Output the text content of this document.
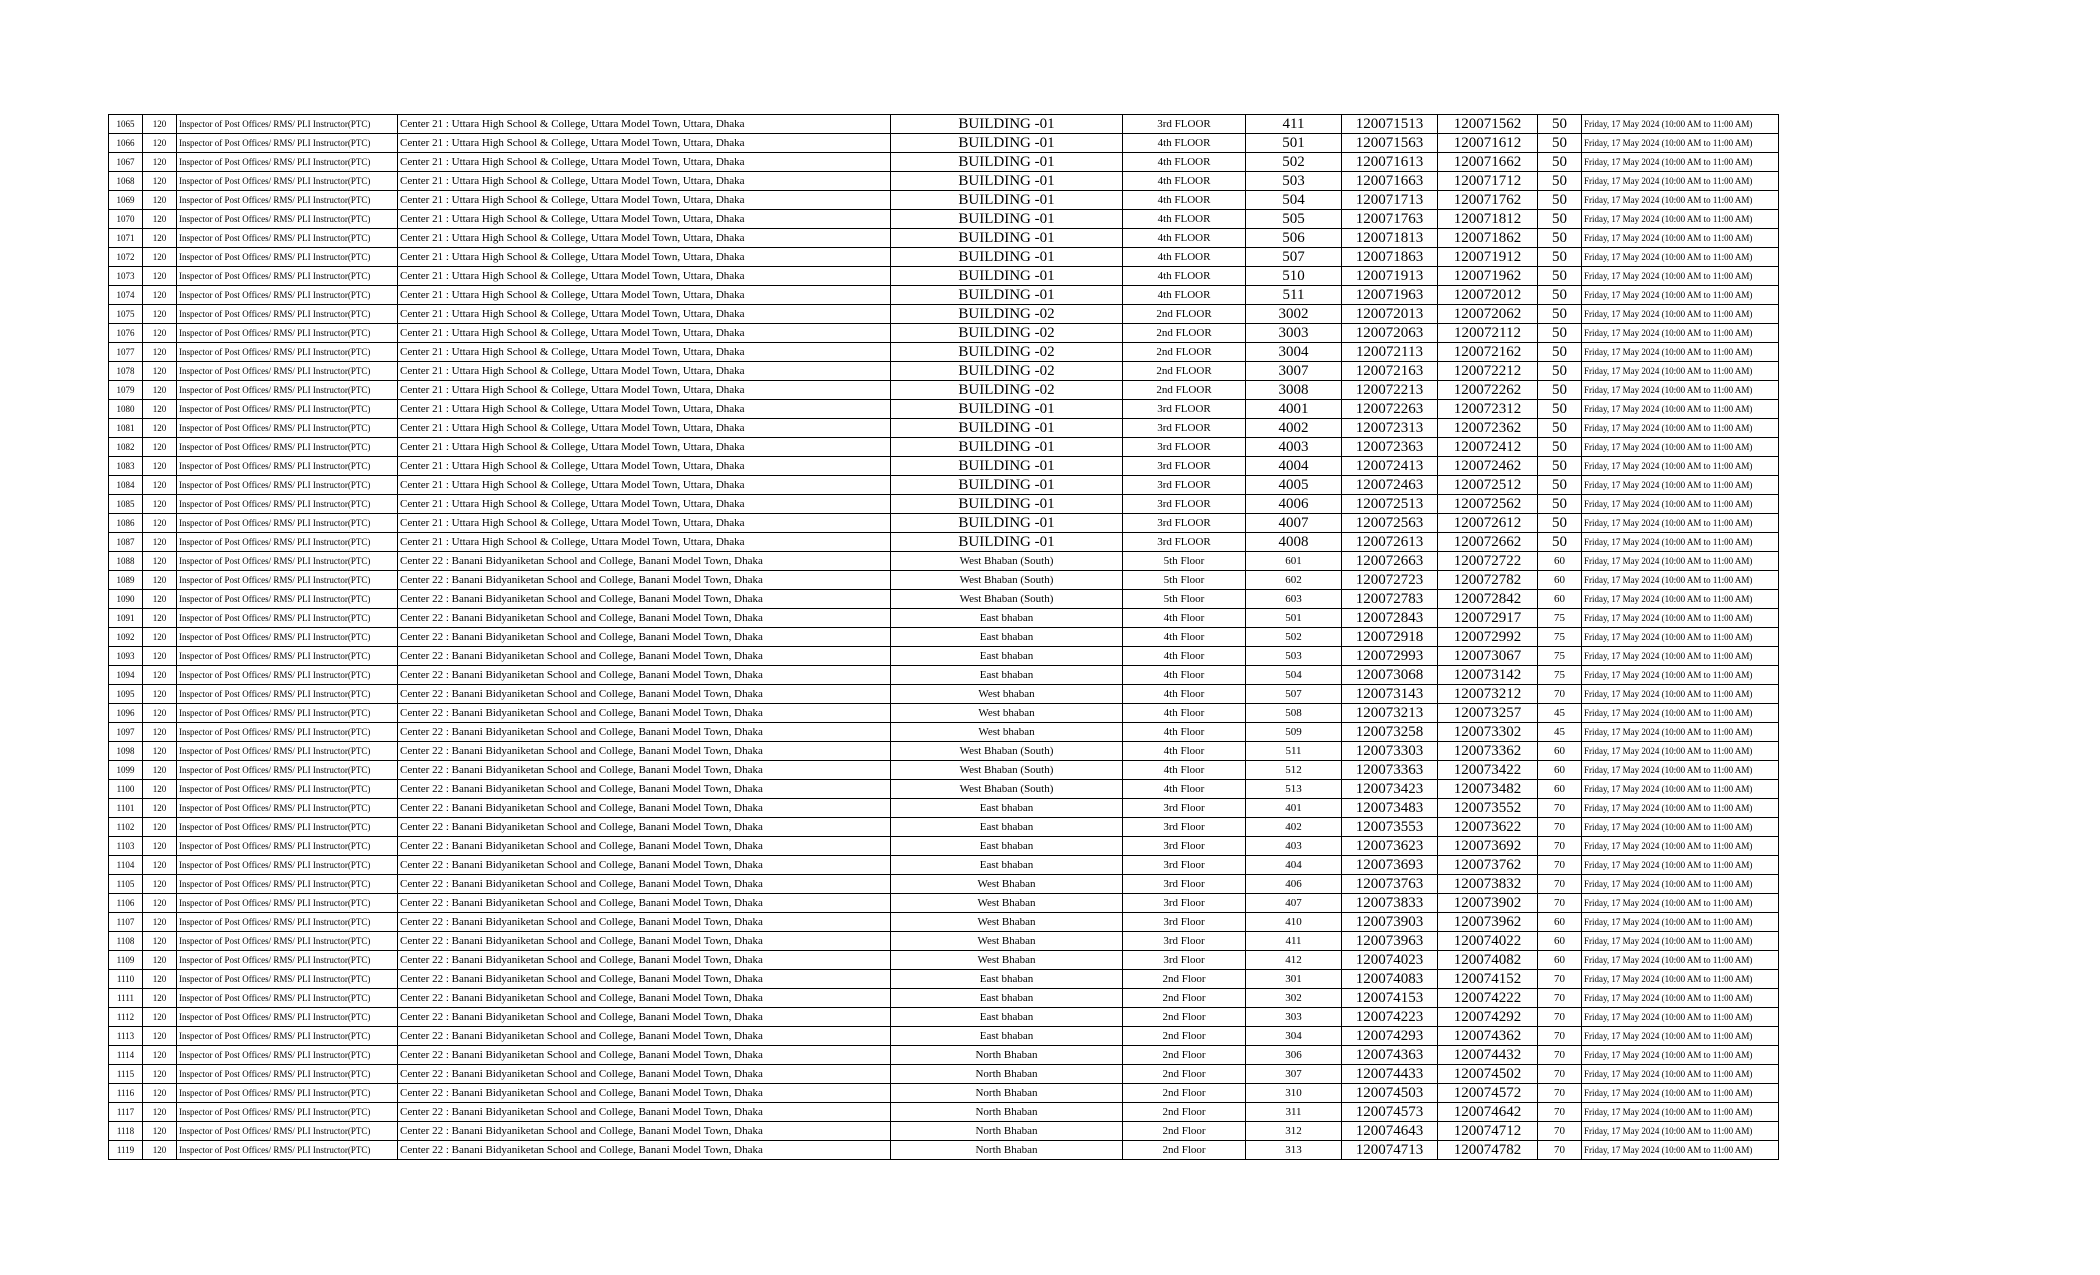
1065	120	Inspector of Post Offices/ RMS/ PLI Instructor(PTC)	Center 21 : Uttara High School & College, Uttara Model Town, Uttara, Dhaka	BUILDING -01	3rd FLOOR	411	120071513	120071562	50	Friday, 17 May 2024 (10:00 AM to 11:00 AM)
1066	120	Inspector of Post Offices/ RMS/ PLI Instructor(PTC)	Center 21 : Uttara High School & College, Uttara Model Town, Uttara, Dhaka	BUILDING -01	4th FLOOR	501	120071563	120071612	50	Friday, 17 May 2024 (10:00 AM to 11:00 AM)
1067	120	Inspector of Post Offices/ RMS/ PLI Instructor(PTC)	Center 21 : Uttara High School & College, Uttara Model Town, Uttara, Dhaka	BUILDING -01	4th FLOOR	502	120071613	120071662	50	Friday, 17 May 2024 (10:00 AM to 11:00 AM)
1068	120	Inspector of Post Offices/ RMS/ PLI Instructor(PTC)	Center 21 : Uttara High School & College, Uttara Model Town, Uttara, Dhaka	BUILDING -01	4th FLOOR	503	120071663	120071712	50	Friday, 17 May 2024 (10:00 AM to 11:00 AM)
1069	120	Inspector of Post Offices/ RMS/ PLI Instructor(PTC)	Center 21 : Uttara High School & College, Uttara Model Town, Uttara, Dhaka	BUILDING -01	4th FLOOR	504	120071713	120071762	50	Friday, 17 May 2024 (10:00 AM to 11:00 AM)
1070	120	Inspector of Post Offices/ RMS/ PLI Instructor(PTC)	Center 21 : Uttara High School & College, Uttara Model Town, Uttara, Dhaka	BUILDING -01	4th FLOOR	505	120071763	120071812	50	Friday, 17 May 2024 (10:00 AM to 11:00 AM)
1071	120	Inspector of Post Offices/ RMS/ PLI Instructor(PTC)	Center 21 : Uttara High School & College, Uttara Model Town, Uttara, Dhaka	BUILDING -01	4th FLOOR	506	120071813	120071862	50	Friday, 17 May 2024 (10:00 AM to 11:00 AM)
1072	120	Inspector of Post Offices/ RMS/ PLI Instructor(PTC)	Center 21 : Uttara High School & College, Uttara Model Town, Uttara, Dhaka	BUILDING -01	4th FLOOR	507	120071863	120071912	50	Friday, 17 May 2024 (10:00 AM to 11:00 AM)
1073	120	Inspector of Post Offices/ RMS/ PLI Instructor(PTC)	Center 21 : Uttara High School & College, Uttara Model Town, Uttara, Dhaka	BUILDING -01	4th FLOOR	510	120071913	120071962	50	Friday, 17 May 2024 (10:00 AM to 11:00 AM)
1074	120	Inspector of Post Offices/ RMS/ PLI Instructor(PTC)	Center 21 : Uttara High School & College, Uttara Model Town, Uttara, Dhaka	BUILDING -01	4th FLOOR	511	120071963	120072012	50	Friday, 17 May 2024 (10:00 AM to 11:00 AM)
1075	120	Inspector of Post Offices/ RMS/ PLI Instructor(PTC)	Center 21 : Uttara High School & College, Uttara Model Town, Uttara, Dhaka	BUILDING -02	2nd FLOOR	3002	120072013	120072062	50	Friday, 17 May 2024 (10:00 AM to 11:00 AM)
1076	120	Inspector of Post Offices/ RMS/ PLI Instructor(PTC)	Center 21 : Uttara High School & College, Uttara Model Town, Uttara, Dhaka	BUILDING -02	2nd FLOOR	3003	120072063	120072112	50	Friday, 17 May 2024 (10:00 AM to 11:00 AM)
1077	120	Inspector of Post Offices/ RMS/ PLI Instructor(PTC)	Center 21 : Uttara High School & College, Uttara Model Town, Uttara, Dhaka	BUILDING -02	2nd FLOOR	3004	120072113	120072162	50	Friday, 17 May 2024 (10:00 AM to 11:00 AM)
1078	120	Inspector of Post Offices/ RMS/ PLI Instructor(PTC)	Center 21 : Uttara High School & College, Uttara Model Town, Uttara, Dhaka	BUILDING -02	2nd FLOOR	3007	120072163	120072212	50	Friday, 17 May 2024 (10:00 AM to 11:00 AM)
1079	120	Inspector of Post Offices/ RMS/ PLI Instructor(PTC)	Center 21 : Uttara High School & College, Uttara Model Town, Uttara, Dhaka	BUILDING -02	2nd FLOOR	3008	120072213	120072262	50	Friday, 17 May 2024 (10:00 AM to 11:00 AM)
1080	120	Inspector of Post Offices/ RMS/ PLI Instructor(PTC)	Center 21 : Uttara High School & College, Uttara Model Town, Uttara, Dhaka	BUILDING -01	3rd FLOOR	4001	120072263	120072312	50	Friday, 17 May 2024 (10:00 AM to 11:00 AM)
1081	120	Inspector of Post Offices/ RMS/ PLI Instructor(PTC)	Center 21 : Uttara High School & College, Uttara Model Town, Uttara, Dhaka	BUILDING -01	3rd FLOOR	4002	120072313	120072362	50	Friday, 17 May 2024 (10:00 AM to 11:00 AM)
1082	120	Inspector of Post Offices/ RMS/ PLI Instructor(PTC)	Center 21 : Uttara High School & College, Uttara Model Town, Uttara, Dhaka	BUILDING -01	3rd FLOOR	4003	120072363	120072412	50	Friday, 17 May 2024 (10:00 AM to 11:00 AM)
1083	120	Inspector of Post Offices/ RMS/ PLI Instructor(PTC)	Center 21 : Uttara High School & College, Uttara Model Town, Uttara, Dhaka	BUILDING -01	3rd FLOOR	4004	120072413	120072462	50	Friday, 17 May 2024 (10:00 AM to 11:00 AM)
1084	120	Inspector of Post Offices/ RMS/ PLI Instructor(PTC)	Center 21 : Uttara High School & College, Uttara Model Town, Uttara, Dhaka	BUILDING -01	3rd FLOOR	4005	120072463	120072512	50	Friday, 17 May 2024 (10:00 AM to 11:00 AM)
1085	120	Inspector of Post Offices/ RMS/ PLI Instructor(PTC)	Center 21 : Uttara High School & College, Uttara Model Town, Uttara, Dhaka	BUILDING -01	3rd FLOOR	4006	120072513	120072562	50	Friday, 17 May 2024 (10:00 AM to 11:00 AM)
1086	120	Inspector of Post Offices/ RMS/ PLI Instructor(PTC)	Center 21 : Uttara High School & College, Uttara Model Town, Uttara, Dhaka	BUILDING -01	3rd FLOOR	4007	120072563	120072612	50	Friday, 17 May 2024 (10:00 AM to 11:00 AM)
1087	120	Inspector of Post Offices/ RMS/ PLI Instructor(PTC)	Center 21 : Uttara High School & College, Uttara Model Town, Uttara, Dhaka	BUILDING -01	3rd FLOOR	4008	120072613	120072662	50	Friday, 17 May 2024 (10:00 AM to 11:00 AM)
1088	120	Inspector of Post Offices/ RMS/ PLI Instructor(PTC)	Center 22 : Banani Bidyaniketan School and College, Banani Model Town, Dhaka	West Bhaban (South)	5th Floor	601	120072663	120072722	60	Friday, 17 May 2024 (10:00 AM to 11:00 AM)
1089	120	Inspector of Post Offices/ RMS/ PLI Instructor(PTC)	Center 22 : Banani Bidyaniketan School and College, Banani Model Town, Dhaka	West Bhaban (South)	5th Floor	602	120072723	120072782	60	Friday, 17 May 2024 (10:00 AM to 11:00 AM)
1090	120	Inspector of Post Offices/ RMS/ PLI Instructor(PTC)	Center 22 : Banani Bidyaniketan School and College, Banani Model Town, Dhaka	West Bhaban (South)	5th Floor	603	120072783	120072842	60	Friday, 17 May 2024 (10:00 AM to 11:00 AM)
1091	120	Inspector of Post Offices/ RMS/ PLI Instructor(PTC)	Center 22 : Banani Bidyaniketan School and College, Banani Model Town, Dhaka	East bhaban	4th Floor	501	120072843	120072917	75	Friday, 17 May 2024 (10:00 AM to 11:00 AM)
1092	120	Inspector of Post Offices/ RMS/ PLI Instructor(PTC)	Center 22 : Banani Bidyaniketan School and College, Banani Model Town, Dhaka	East bhaban	4th Floor	502	120072918	120072992	75	Friday, 17 May 2024 (10:00 AM to 11:00 AM)
1093	120	Inspector of Post Offices/ RMS/ PLI Instructor(PTC)	Center 22 : Banani Bidyaniketan School and College, Banani Model Town, Dhaka	East bhaban	4th Floor	503	120072993	120073067	75	Friday, 17 May 2024 (10:00 AM to 11:00 AM)
1094	120	Inspector of Post Offices/ RMS/ PLI Instructor(PTC)	Center 22 : Banani Bidyaniketan School and College, Banani Model Town, Dhaka	East bhaban	4th Floor	504	120073068	120073142	75	Friday, 17 May 2024 (10:00 AM to 11:00 AM)
1095	120	Inspector of Post Offices/ RMS/ PLI Instructor(PTC)	Center 22 : Banani Bidyaniketan School and College, Banani Model Town, Dhaka	West bhaban	4th Floor	507	120073143	120073212	70	Friday, 17 May 2024 (10:00 AM to 11:00 AM)
1096	120	Inspector of Post Offices/ RMS/ PLI Instructor(PTC)	Center 22 : Banani Bidyaniketan School and College, Banani Model Town, Dhaka	West bhaban	4th Floor	508	120073213	120073257	45	Friday, 17 May 2024 (10:00 AM to 11:00 AM)
1097	120	Inspector of Post Offices/ RMS/ PLI Instructor(PTC)	Center 22 : Banani Bidyaniketan School and College, Banani Model Town, Dhaka	West bhaban	4th Floor	509	120073258	120073302	45	Friday, 17 May 2024 (10:00 AM to 11:00 AM)
1098	120	Inspector of Post Offices/ RMS/ PLI Instructor(PTC)	Center 22 : Banani Bidyaniketan School and College, Banani Model Town, Dhaka	West Bhaban (South)	4th Floor	511	120073303	120073362	60	Friday, 17 May 2024 (10:00 AM to 11:00 AM)
1099	120	Inspector of Post Offices/ RMS/ PLI Instructor(PTC)	Center 22 : Banani Bidyaniketan School and College, Banani Model Town, Dhaka	West Bhaban (South)	4th Floor	512	120073363	120073422	60	Friday, 17 May 2024 (10:00 AM to 11:00 AM)
1100	120	Inspector of Post Offices/ RMS/ PLI Instructor(PTC)	Center 22 : Banani Bidyaniketan School and College, Banani Model Town, Dhaka	West Bhaban (South)	4th Floor	513	120073423	120073482	60	Friday, 17 May 2024 (10:00 AM to 11:00 AM)
1101	120	Inspector of Post Offices/ RMS/ PLI Instructor(PTC)	Center 22 : Banani Bidyaniketan School and College, Banani Model Town, Dhaka	East bhaban	3rd Floor	401	120073483	120073552	70	Friday, 17 May 2024 (10:00 AM to 11:00 AM)
1102	120	Inspector of Post Offices/ RMS/ PLI Instructor(PTC)	Center 22 : Banani Bidyaniketan School and College, Banani Model Town, Dhaka	East bhaban	3rd Floor	402	120073553	120073622	70	Friday, 17 May 2024 (10:00 AM to 11:00 AM)
1103	120	Inspector of Post Offices/ RMS/ PLI Instructor(PTC)	Center 22 : Banani Bidyaniketan School and College, Banani Model Town, Dhaka	East bhaban	3rd Floor	403	120073623	120073692	70	Friday, 17 May 2024 (10:00 AM to 11:00 AM)
1104	120	Inspector of Post Offices/ RMS/ PLI Instructor(PTC)	Center 22 : Banani Bidyaniketan School and College, Banani Model Town, Dhaka	East bhaban	3rd Floor	404	120073693	120073762	70	Friday, 17 May 2024 (10:00 AM to 11:00 AM)
1105	120	Inspector of Post Offices/ RMS/ PLI Instructor(PTC)	Center 22 : Banani Bidyaniketan School and College, Banani Model Town, Dhaka	West Bhaban	3rd Floor	406	120073763	120073832	70	Friday, 17 May 2024 (10:00 AM to 11:00 AM)
1106	120	Inspector of Post Offices/ RMS/ PLI Instructor(PTC)	Center 22 : Banani Bidyaniketan School and College, Banani Model Town, Dhaka	West Bhaban	3rd Floor	407	120073833	120073902	70	Friday, 17 May 2024 (10:00 AM to 11:00 AM)
1107	120	Inspector of Post Offices/ RMS/ PLI Instructor(PTC)	Center 22 : Banani Bidyaniketan School and College, Banani Model Town, Dhaka	West Bhaban	3rd Floor	410	120073903	120073962	60	Friday, 17 May 2024 (10:00 AM to 11:00 AM)
1108	120	Inspector of Post Offices/ RMS/ PLI Instructor(PTC)	Center 22 : Banani Bidyaniketan School and College, Banani Model Town, Dhaka	West Bhaban	3rd Floor	411	120073963	120074022	60	Friday, 17 May 2024 (10:00 AM to 11:00 AM)
1109	120	Inspector of Post Offices/ RMS/ PLI Instructor(PTC)	Center 22 : Banani Bidyaniketan School and College, Banani Model Town, Dhaka	West Bhaban	3rd Floor	412	120074023	120074082	60	Friday, 17 May 2024 (10:00 AM to 11:00 AM)
1110	120	Inspector of Post Offices/ RMS/ PLI Instructor(PTC)	Center 22 : Banani Bidyaniketan School and College, Banani Model Town, Dhaka	East bhaban	2nd Floor	301	120074083	120074152	70	Friday, 17 May 2024 (10:00 AM to 11:00 AM)
1111	120	Inspector of Post Offices/ RMS/ PLI Instructor(PTC)	Center 22 : Banani Bidyaniketan School and College, Banani Model Town, Dhaka	East bhaban	2nd Floor	302	120074153	120074222	70	Friday, 17 May 2024 (10:00 AM to 11:00 AM)
1112	120	Inspector of Post Offices/ RMS/ PLI Instructor(PTC)	Center 22 : Banani Bidyaniketan School and College, Banani Model Town, Dhaka	East bhaban	2nd Floor	303	120074223	120074292	70	Friday, 17 May 2024 (10:00 AM to 11:00 AM)
1113	120	Inspector of Post Offices/ RMS/ PLI Instructor(PTC)	Center 22 : Banani Bidyaniketan School and College, Banani Model Town, Dhaka	East bhaban	2nd Floor	304	120074293	120074362	70	Friday, 17 May 2024 (10:00 AM to 11:00 AM)
1114	120	Inspector of Post Offices/ RMS/ PLI Instructor(PTC)	Center 22 : Banani Bidyaniketan School and College, Banani Model Town, Dhaka	North Bhaban	2nd Floor	306	120074363	120074432	70	Friday, 17 May 2024 (10:00 AM to 11:00 AM)
1115	120	Inspector of Post Offices/ RMS/ PLI Instructor(PTC)	Center 22 : Banani Bidyaniketan School and College, Banani Model Town, Dhaka	North Bhaban	2nd Floor	307	120074433	120074502	70	Friday, 17 May 2024 (10:00 AM to 11:00 AM)
1116	120	Inspector of Post Offices/ RMS/ PLI Instructor(PTC)	Center 22 : Banani Bidyaniketan School and College, Banani Model Town, Dhaka	North Bhaban	2nd Floor	310	120074503	120074572	70	Friday, 17 May 2024 (10:00 AM to 11:00 AM)
1117	120	Inspector of Post Offices/ RMS/ PLI Instructor(PTC)	Center 22 : Banani Bidyaniketan School and College, Banani Model Town, Dhaka	North Bhaban	2nd Floor	311	120074573	120074642	70	Friday, 17 May 2024 (10:00 AM to 11:00 AM)
1118	120	Inspector of Post Offices/ RMS/ PLI Instructor(PTC)	Center 22 : Banani Bidyaniketan School and College, Banani Model Town, Dhaka	North Bhaban	2nd Floor	312	120074643	120074712	70	Friday, 17 May 2024 (10:00 AM to 11:00 AM)
1119	120	Inspector of Post Offices/ RMS/ PLI Instructor(PTC)	Center 22 : Banani Bidyaniketan School and College, Banani Model Town, Dhaka	North Bhaban	2nd Floor	313	120074713	120074782	70	Friday, 17 May 2024 (10:00 AM to 11:00 AM)
